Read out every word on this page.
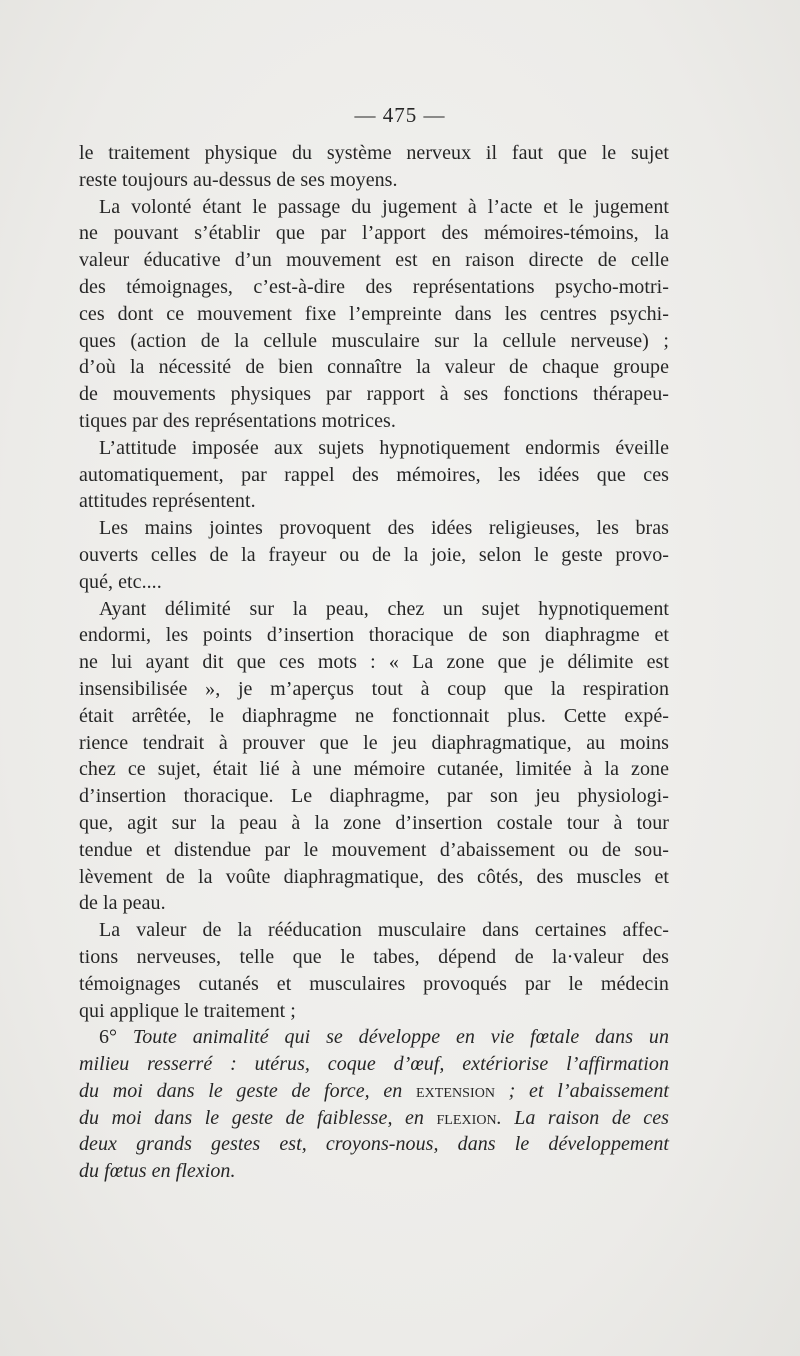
— 475 —
le traitement physique du système nerveux il faut que le sujet
reste toujours au-dessus de ses moyens.
La volonté étant le passage du jugement à l’acte et le jugement
ne pouvant s’établir que par l’apport des mémoires-témoins, la
valeur éducative d’un mouvement est en raison directe de celle
des témoignages, c’est-à-dire des représentations psycho-motri-
ces dont ce mouvement fixe l’empreinte dans les centres psychi-
ques (action de la cellule musculaire sur la cellule nerveuse) ;
d’où la nécessité de bien connaître la valeur de chaque groupe
de mouvements physiques par rapport à ses fonctions thérapeu-
tiques par des représentations motrices.
L’attitude imposée aux sujets hypnotiquement endormis éveille
automatiquement, par rappel des mémoires, les idées que ces
attitudes représentent.
Les mains jointes provoquent des idées religieuses, les bras
ouverts celles de la frayeur ou de la joie, selon le geste provo-
qué, etc....
Ayant délimité sur la peau, chez un sujet hypnotiquement
endormi, les points d’insertion thoracique de son diaphragme et
ne lui ayant dit que ces mots : « La zone que je délimite est
insensibilisée », je m’aperçus tout à coup que la respiration
était arrêtée, le diaphragme ne fonctionnait plus. Cette expé-
rience tendrait à prouver que le jeu diaphragmatique, au moins
chez ce sujet, était lié à une mémoire cutanée, limitée à la zone
d’insertion thoracique. Le diaphragme, par son jeu physiologi-
que, agit sur la peau à la zone d’insertion costale tour à tour
tendue et distendue par le mouvement d’abaissement ou de sou-
lèvement de la voûte diaphragmatique, des côtés, des muscles et
de la peau.
La valeur de la rééducation musculaire dans certaines affec-
tions nerveuses, telle que le tabes, dépend de la·valeur des
témoignages cutanés et musculaires provoqués par le médecin
qui applique le traitement ;
6° Toute animalité qui se développe en vie fœtale dans un
milieu resserré : utérus, coque d’œuf, extériorise l’affirmation
du moi dans le geste de force, en extension ; et l’abaissement
du moi dans le geste de faiblesse, en flexion. La raison de ces
deux grands gestes est, croyons-nous, dans le développement
du fœtus en flexion.
